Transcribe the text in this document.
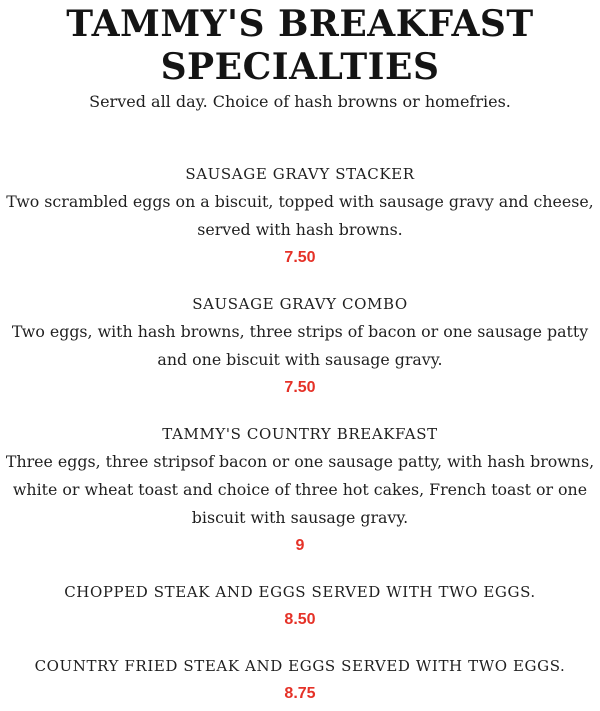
TAMMY'S BREAKFAST SPECIALTIES

Served all day. Choice of hash browns or homefries.

SAUSAGE GRAVY STACKER

Two scrambled eggs on a biscuit, topped with sausage gravy and cheese, served with hash browns.

7.50

SAUSAGE GRAVY COMBO

Two eggs, with hash browns, three strips of bacon or one sausage patty and one biscuit with sausage gravy.

7.50

TAMMY'S COUNTRY BREAKFAST

Three eggs, three stripsof bacon or one sausage patty, with hash browns, white or wheat toast and choice of three hot cakes, French toast or one biscuit with sausage gravy.

9

CHOPPED STEAK AND EGGS SERVED WITH TWO EGGS.

8.50

COUNTRY FRIED STEAK AND EGGS SERVED WITH TWO EGGS.

8.75
